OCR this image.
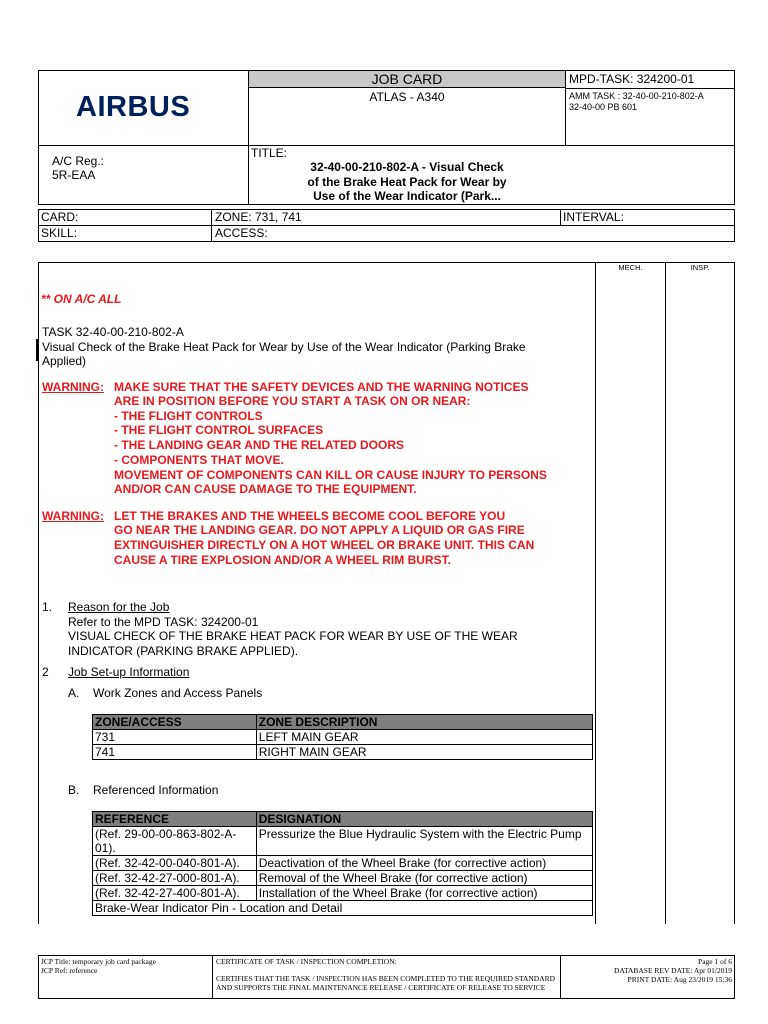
AIRBUS
JOB CARD
ATLAS - A340
MPD-TASK: 324200-01
AMM TASK : 32-40-00-210-802-A
32-40-00 PB 601
A/C Reg.:
5R-EAA
TITLE:
32-40-00-210-802-A - Visual Check
of the Brake Heat Pack for Wear by
Use of the Wear Indicator (Park...
CARD:	ZONE: 731, 741	INTERVAL:
SKILL:	ACCESS:
MECH.	INSP.
** ON A/C ALL
TASK 32-40-00-210-802-A
Visual Check of the Brake Heat Pack for Wear by Use of the Wear Indicator (Parking Brake
Applied)
WARNING: MAKE SURE THAT THE SAFETY DEVICES AND THE WARNING NOTICES
ARE IN POSITION BEFORE YOU START A TASK ON OR NEAR:
- THE FLIGHT CONTROLS
- THE FLIGHT CONTROL SURFACES
- THE LANDING GEAR AND THE RELATED DOORS
- COMPONENTS THAT MOVE.
MOVEMENT OF COMPONENTS CAN KILL OR CAUSE INJURY TO PERSONS
AND/OR CAN CAUSE DAMAGE TO THE EQUIPMENT.
WARNING: LET THE BRAKES AND THE WHEELS BECOME COOL BEFORE YOU
GO NEAR THE LANDING GEAR. DO NOT APPLY A LIQUID OR GAS FIRE
EXTINGUISHER DIRECTLY ON A HOT WHEEL OR BRAKE UNIT. THIS CAN
CAUSE A TIRE EXPLOSION AND/OR A WHEEL RIM BURST.
1. Reason for the Job
Refer to the MPD TASK: 324200-01
VISUAL CHECK OF THE BRAKE HEAT PACK FOR WEAR BY USE OF THE WEAR
INDICATOR (PARKING BRAKE APPLIED).
2 Job Set-up Information
A. Work Zones and Access Panels
ZONE/ACCESS	ZONE DESCRIPTION
731	LEFT MAIN GEAR
741	RIGHT MAIN GEAR
B. Referenced Information
REFERENCE	DESIGNATION
(Ref. 29-00-00-863-802-A-01).	Pressurize the Blue Hydraulic System with the Electric Pump
(Ref. 32-42-00-040-801-A).	Deactivation of the Wheel Brake (for corrective action)
(Ref. 32-42-27-000-801-A).	Removal of the Wheel Brake (for corrective action)
(Ref. 32-42-27-400-801-A).	Installation of the Wheel Brake (for corrective action)
Brake-Wear Indicator Pin - Location and Detail	
JCP Title: temporary job card package
JCP Ref: reference
CERTIFICATE OF TASK / INSPECTION COMPLETION:
CERTIFIES THAT THE TASK / INSPECTION HAS BEEN COMPLETED TO THE REQUIRED STANDARD AND SUPPORTS THE FINAL MAINTENANCE RELEASE / CERTIFICATE OF RELEASE TO SERVICE
Page 1 of 6
DATABASE REV DATE: Apr 01/2019
PRINT DATE: Aug 23/2019 15:36
